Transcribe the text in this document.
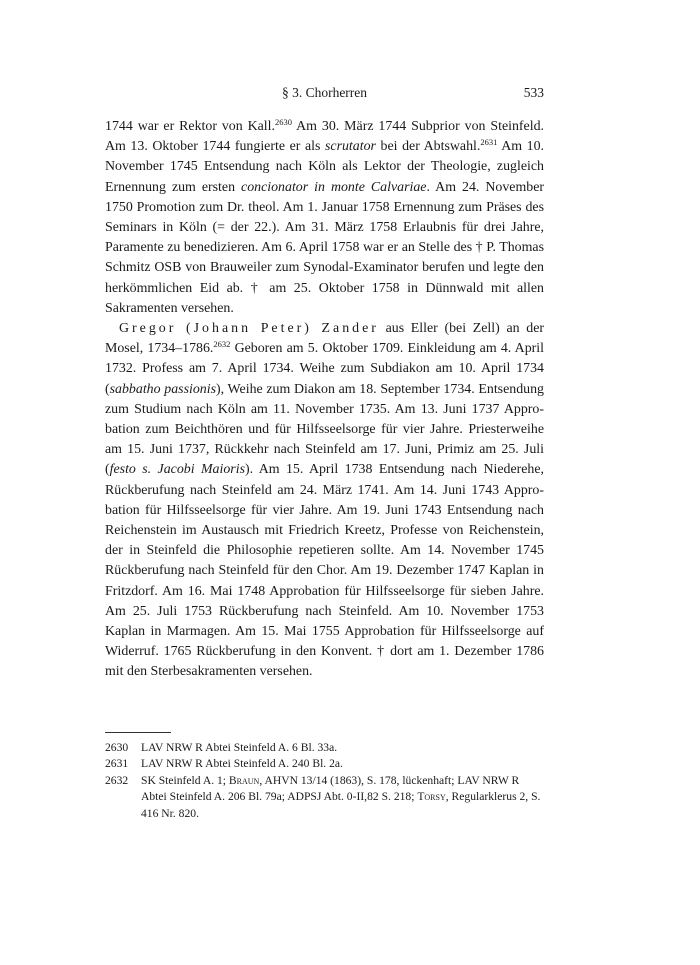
§ 3. Chorherren	533

1744 war er Rektor von Kall.$^{2630}$ Am 30. März 1744 Subprior von Steinfeld. Am 13. Oktober 1744 fungierte er als scrutator bei der Abtswahl.$^{2631}$ Am 10. November 1745 Entsendung nach Köln als Lektor der Theologie, zugleich Ernennung zum ersten concionator in monte Calvariae. Am 24. November 1750 Promotion zum Dr. theol. Am 1. Januar 1758 Ernennung zum Präses des Seminars in Köln (= der 22.). Am 31. März 1758 Erlaubnis für drei Jahre, Paramente zu benedizieren. Am 6. April 1758 war er an Stelle des † P. Thomas Schmitz OSB von Brauweiler zum Synodal-Examinator berufen und legte den herkömmlichen Eid ab. † am 25. Oktober 1758 in Dünnwald mit allen Sakramenten versehen.

Gregor (Johann Peter) Zander aus Eller (bei Zell) an der Mosel, 1734–1786.$^{2632}$ Geboren am 5. Oktober 1709. Einkleidung am 4. April 1732. Profess am 7. April 1734. Weihe zum Subdiakon am 10. April 1734 (sabbatho passionis), Weihe zum Diakon am 18. September 1734. Entsendung zum Studium nach Köln am 11. November 1735. Am 13. Juni 1737 Approbation zum Beichthören und für Hilfsseelsorge für vier Jahre. Priesterweihe am 15. Juni 1737, Rückkehr nach Steinfeld am 17. Juni, Primiz am 25. Juli (festo s. Jacobi Maioris). Am 15. April 1738 Entsendung nach Niederehe, Rückberufung nach Steinfeld am 24. März 1741. Am 14. Juni 1743 Approbation für Hilfsseelsorge für vier Jahre. Am 19. Juni 1743 Entsendung nach Reichenstein im Austausch mit Friedrich Kreetz, Professe von Reichenstein, der in Steinfeld die Philosophie repetieren sollte. Am 14. November 1745 Rückberufung nach Steinfeld für den Chor. Am 19. Dezember 1747 Kaplan in Fritzdorf. Am 16. Mai 1748 Approbation für Hilfsseelsorge für sieben Jahre. Am 25. Juli 1753 Rückberufung nach Steinfeld. Am 10. November 1753 Kaplan in Marmagen. Am 15. Mai 1755 Approbation für Hilfsseelsorge auf Widerruf. 1765 Rückberufung in den Konvent. † dort am 1. Dezember 1786 mit den Sterbesakramenten versehen.

2630	LAV NRW R Abtei Steinfeld A. 6 Bl. 33a.
2631	LAV NRW R Abtei Steinfeld A. 240 Bl. 2a.
2632	SK Steinfeld A. 1; Braun, AHVN 13/14 (1863), S. 178, lückenhaft; LAV NRW R Abtei Steinfeld A. 206 Bl. 79a; ADPSJ Abt. 0-II,82 S. 218; Torsy, Regularklerus 2, S. 416 Nr. 820.
